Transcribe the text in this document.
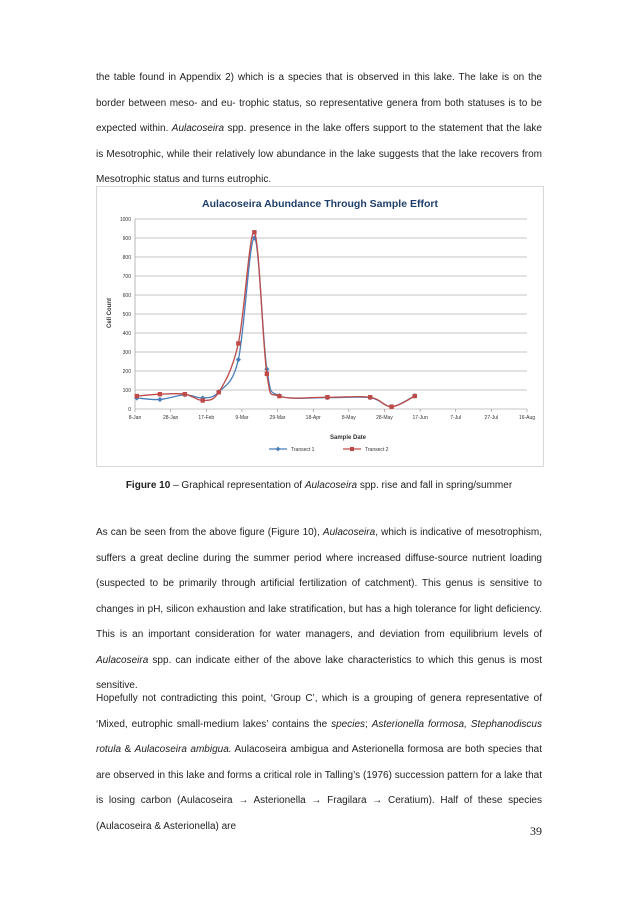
the table found in Appendix 2) which is a species that is observed in this lake. The lake is on the border between meso- and eu- trophic status, so representative genera from both statuses is to be expected within. Aulacoseira spp. presence in the lake offers support to the statement that the lake is Mesotrophic, while their relatively low abundance in the lake suggests that the lake recovers from Mesotrophic status and turns eutrophic.
Aulacoseira Abundance Through Sample Effort
0
100
200
300
400
500
600
700
800
900
1000
8-Jan	28-Jan	17-Feb	9-Mar	29-Mar	18-Apr	8-May	28-May	17-Jun	7-Jul	27-Jul	16-Aug
Cell Count
Sample Date
Transect 1	Transect 2
Figure 10 – Graphical representation of Aulacoseira spp. rise and fall in spring/summer
As can be seen from the above figure (Figure 10), Aulacoseira, which is indicative of mesotrophism, suffers a great decline during the summer period where increased diffuse-source nutrient loading (suspected to be primarily through artificial fertilization of catchment). This genus is sensitive to changes in pH, silicon exhaustion and lake stratification, but has a high tolerance for light deficiency. This is an important consideration for water managers, and deviation from equilibrium levels of Aulacoseira spp. can indicate either of the above lake characteristics to which this genus is most sensitive.
Hopefully not contradicting this point, ‘Group C’, which is a grouping of genera representative of ‘Mixed, eutrophic small-medium lakes’ contains the species; Asterionella formosa, Stephanodiscus rotula & Aulacoseira ambigua. Aulacoseira ambigua and Asterionella formosa are both species that are observed in this lake and forms a critical role in Talling’s (1976) succession pattern for a lake that is losing carbon (Aulacoseira → Asterionella → Fragilara → Ceratium). Half of these species (Aulacoseira & Asterionella) are	39
